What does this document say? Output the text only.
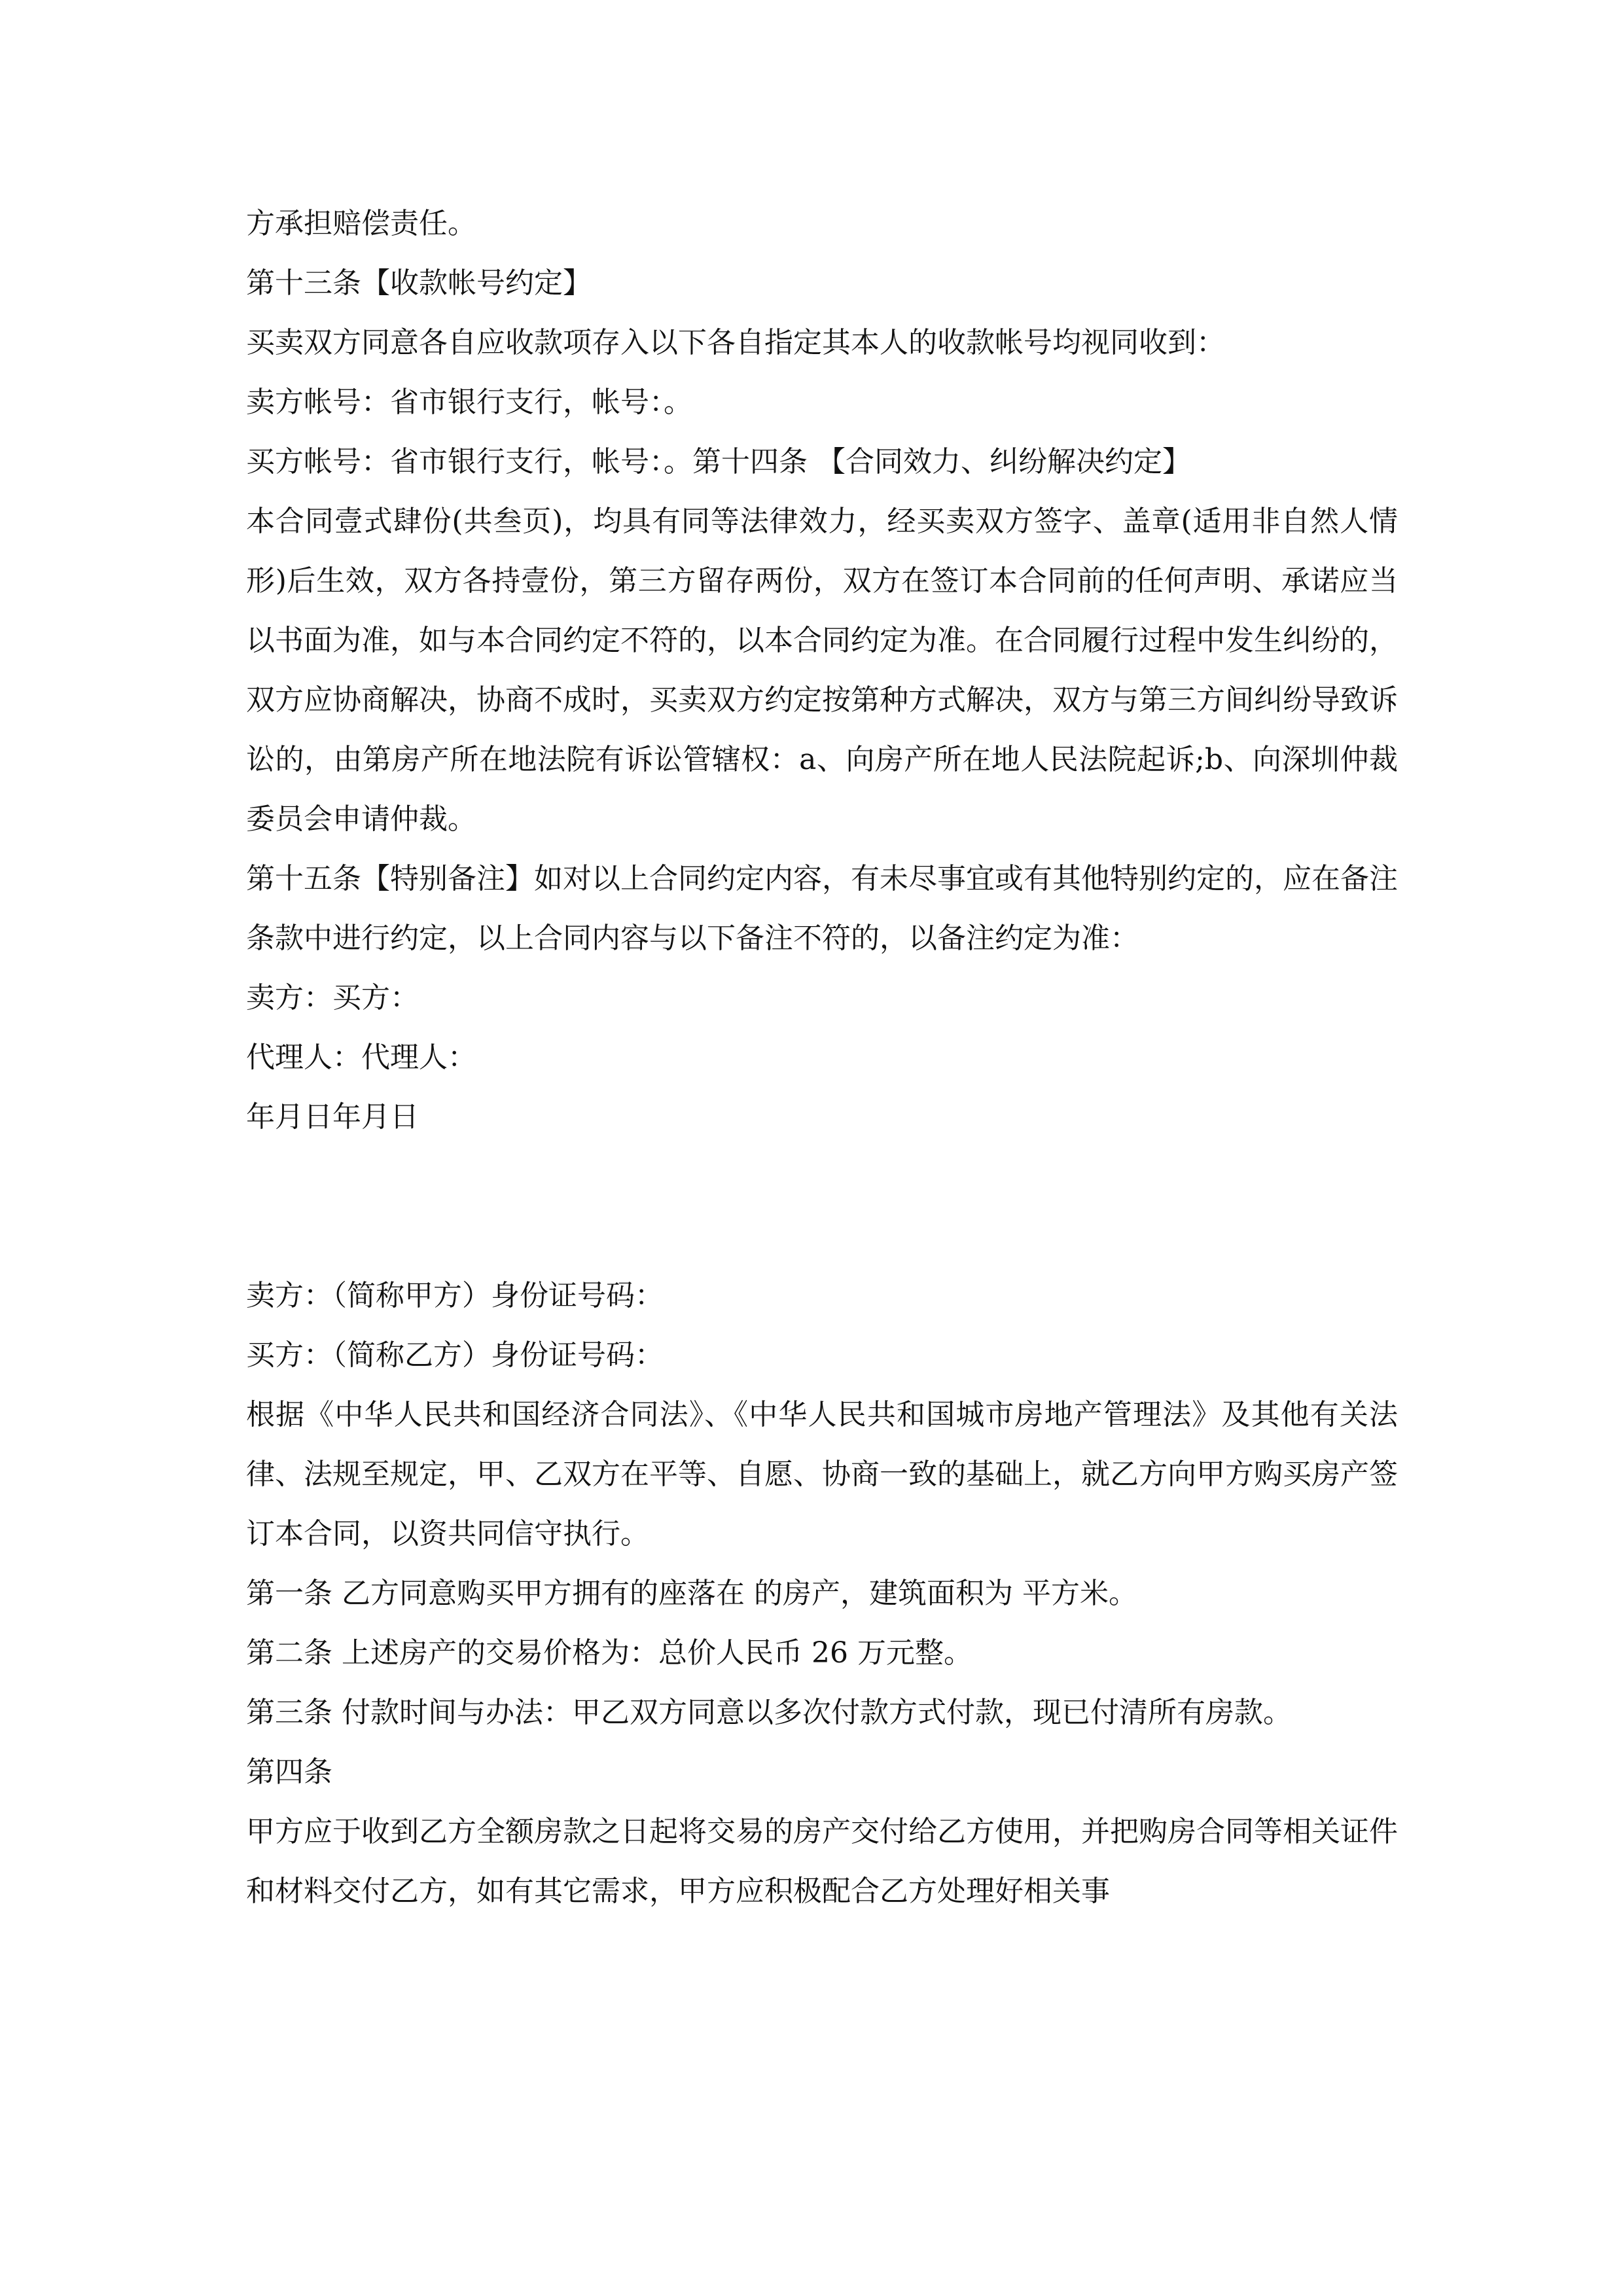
方承担赔偿责任。

第十三条【收款帐号约定】

买卖双方同意各自应收款项存入以下各自指定其本人的收款帐号均视同收到：

卖方帐号：省市银行支行，帐号：。

买方帐号：省市银行支行，帐号：。第十四条 【合同效力、纠纷解决约定】

本合同壹式肆份(共叁页)，均具有同等法律效力，经买卖双方签字、盖章(适用非自然人情形)后生效，双方各持壹份，第三方留存两份，双方在签订本合同前的任何声明、承诺应当以书面为准，如与本合同约定不符的，以本合同约定为准。在合同履行过程中发生纠纷的，双方应协商解决，协商不成时，买卖双方约定按第种方式解决，双方与第三方间纠纷导致诉讼的，由第房产所在地法院有诉讼管辖权：a、向房产所在地人民法院起诉;b、向深圳仲裁委员会申请仲裁。

第十五条【特别备注】如对以上合同约定内容，有未尽事宜或有其他特别约定的，应在备注条款中进行约定，以上合同内容与以下备注不符的，以备注约定为准：

卖方：买方：

代理人：代理人：

年月日年月日

卖方：（简称甲方）身份证号码：

买方：（简称乙方）身份证号码：

根据《中华人民共和国经济合同法》、《中华人民共和国城市房地产管理法》及其他有关法律、法规至规定，甲、乙双方在平等、自愿、协商一致的基础上，就乙方向甲方购买房产签订本合同，以资共同信守执行。

第一条 乙方同意购买甲方拥有的座落在 的房产，建筑面积为 平方米。

第二条 上述房产的交易价格为：总价人民币 26 万元整。

第三条 付款时间与办法：甲乙双方同意以多次付款方式付款，现已付清所有房款。

第四条

甲方应于收到乙方全额房款之日起将交易的房产交付给乙方使用，并把购房合同等相关证件和材料交付乙方，如有其它需求，甲方应积极配合乙方处理好相关事
